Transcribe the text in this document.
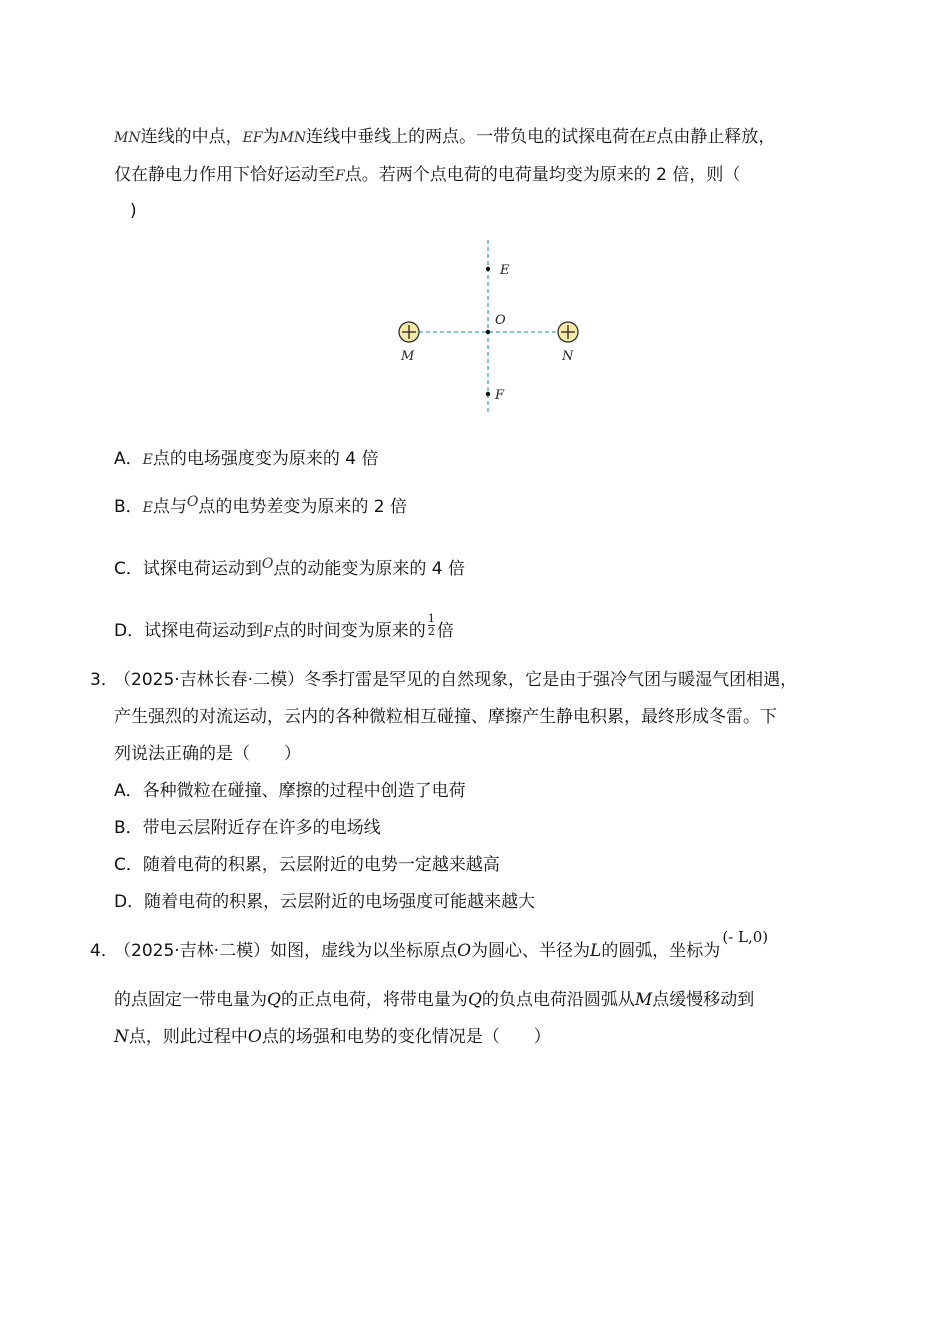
MN连线的中点，EF为MN连线中垂线上的两点。一带负电的试探电荷在E点由静止释放，
仅在静电力作用下恰好运动至F点。若两个点电荷的电荷量均变为原来的 2 倍，则（
)
E
O
M	N
F
A．E点的电场强度变为原来的 4 倍
B．E点与$^O$点的电势差变为原来的 2 倍
C．试探电荷运动到$^O$点的动能变为原来的 4 倍
D．试探电荷运动到F点的时间变为原来的 $\frac{1}{2}$ 倍
3．
（2025·吉林长春·二模）冬季打雷是罕见的自然现象，它是由于强冷气团与暖湿气团相遇，
产生强烈的对流运动，云内的各种微粒相互碰撞、摩擦产生静电积累，最终形成冬雷。下
列说法正确的是（　　）
A．各种微粒在碰撞、摩擦的过程中创造了电荷
B．带电云层附近存在许多的电场线
C．随着电荷的积累，云层附近的电势一定越来越高
D．随着电荷的积累，云层附近的电场强度可能越来越大
4．
（2025·吉林·二模）如图，虚线为以坐标原点O为圆心、半径为L的圆弧，坐标为(- L,0)
的点固定一带电量为Q的正点电荷，将带电量为Q的负点电荷沿圆弧从M点缓慢移动到
N点，则此过程中O点的场强和电势的变化情况是（　　）
